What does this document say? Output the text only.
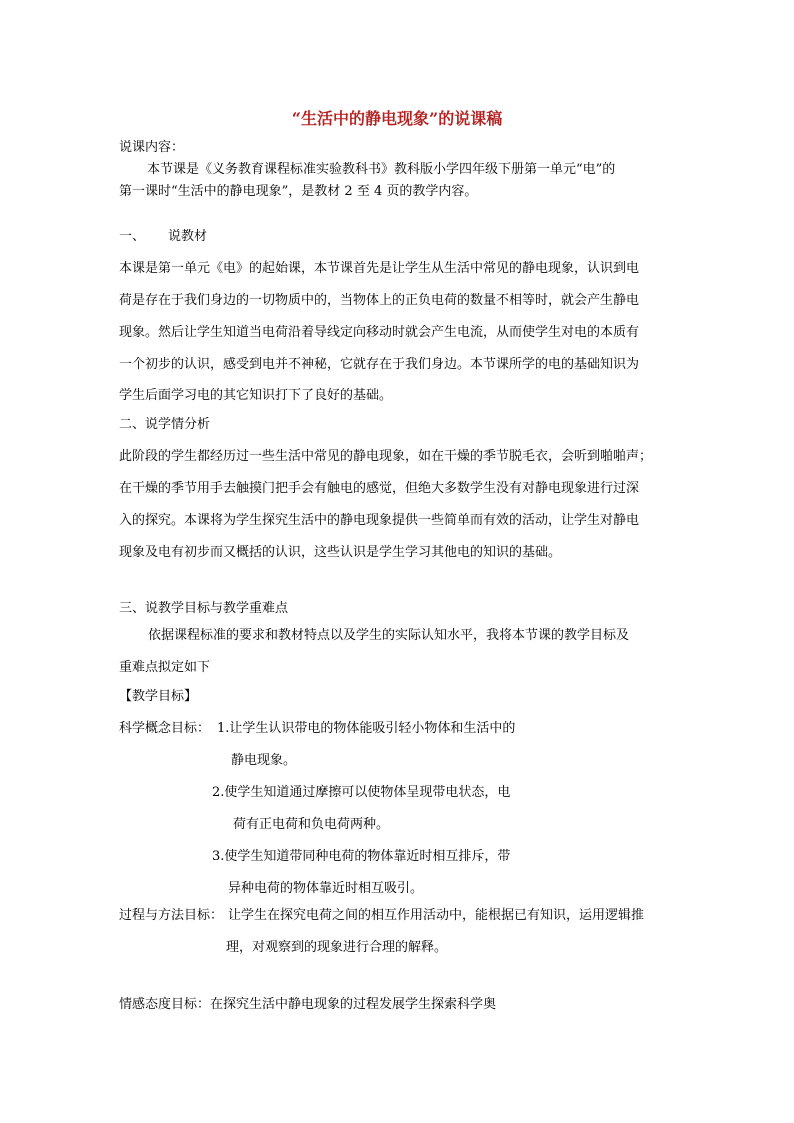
“生活中的静电现象”的说课稿
说课内容：
本节课是《义务教育课程标准实验教科书》教科版小学四年级下册第一单元“电”的
第一课时“生活中的静电现象”，是教材 2 至 4 页的教学内容。
一、 说教材
本课是第一单元《电》的起始课，本节课首先是让学生从生活中常见的静电现象，认识到电
荷是存在于我们身边的一切物质中的，当物体上的正负电荷的数量不相等时，就会产生静电
现象。然后让学生知道当电荷沿着导线定向移动时就会产生电流，从而使学生对电的本质有
一个初步的认识，感受到电并不神秘，它就存在于我们身边。本节课所学的电的基础知识为
学生后面学习电的其它知识打下了良好的基础。
二、说学情分析
此阶段的学生都经历过一些生活中常见的静电现象，如在干燥的季节脱毛衣，会听到啪啪声；
在干燥的季节用手去触摸门把手会有触电的感觉，但绝大多数学生没有对静电现象进行过深
入的探究。本课将为学生探究生活中的静电现象提供一些简单而有效的活动，让学生对静电
现象及电有初步而又概括的认识，这些认识是学生学习其他电的知识的基础。
三、说教学目标与教学重难点
依据课程标准的要求和教材特点以及学生的实际认知水平，我将本节课的教学目标及
重难点拟定如下
【教学目标】
科学概念目标： 1.让学生认识带电的物体能吸引轻小物体和生活中的
静电现象。
2.使学生知道通过摩擦可以使物体呈现带电状态，电
荷有正电荷和负电荷两种。
3.使学生知道带同种电荷的物体靠近时相互排斥，带
异种电荷的物体靠近时相互吸引。
过程与方法目标： 让学生在探究电荷之间的相互作用活动中，能根据已有知识，运用逻辑推
理，对观察到的现象进行合理的解释。
情感态度目标：在探究生活中静电现象的过程发展学生探索科学奥
